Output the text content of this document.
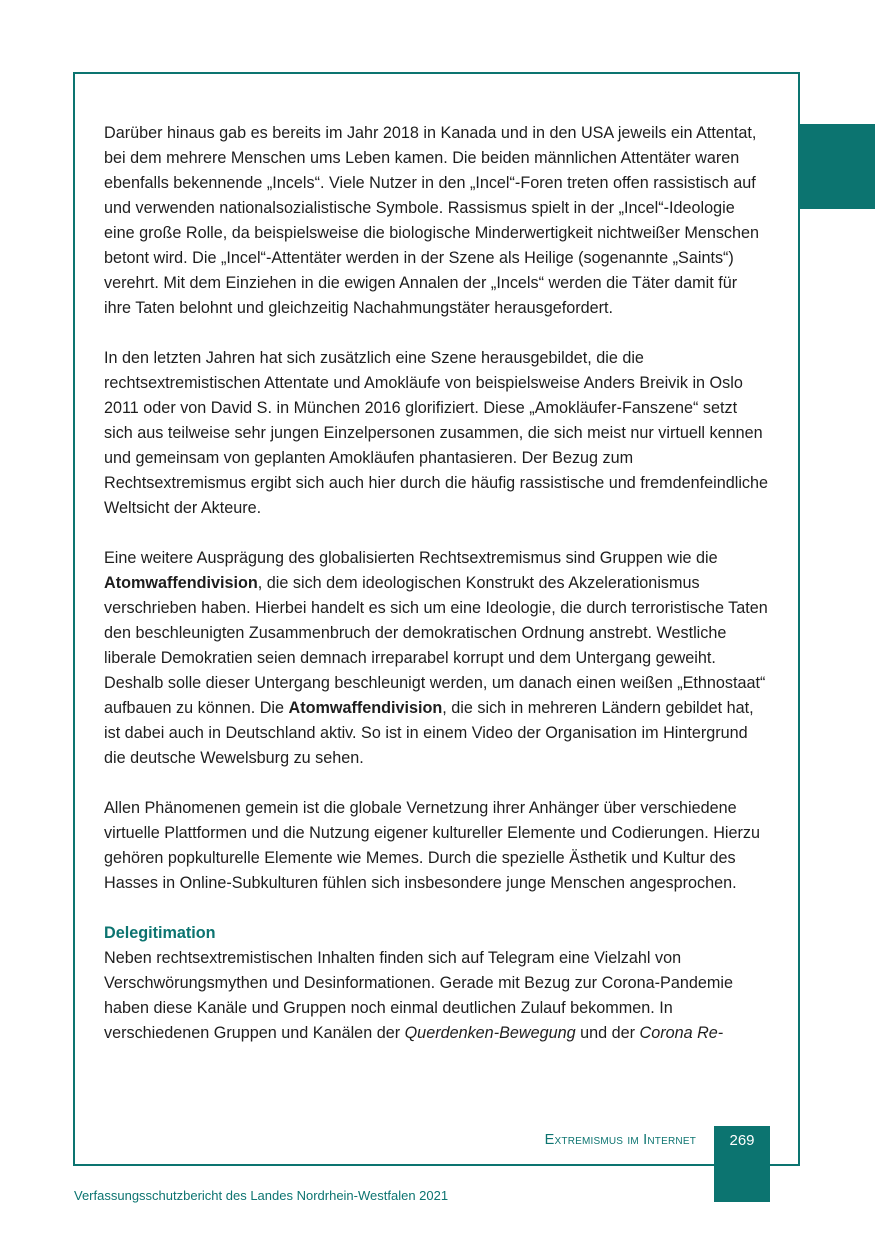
Darüber hinaus gab es bereits im Jahr 2018 in Kanada und in den USA jeweils ein Attentat, bei dem mehrere Menschen ums Leben kamen. Die beiden männlichen Attentäter waren ebenfalls bekennende „Incels“. Viele Nutzer in den „Incel“-Foren treten offen rassistisch auf und verwenden nationalsozialistische Symbole. Rassismus spielt in der „Incel“-Ideologie eine große Rolle, da beispielsweise die biologische Minderwertigkeit nichtweißer Menschen betont wird. Die „Incel“-Attentäter werden in der Szene als Heilige (sogenannte „Saints“) verehrt. Mit dem Einziehen in die ewigen Annalen der „Incels“ werden die Täter damit für ihre Taten belohnt und gleichzeitig Nachahmungstäter herausgefordert.

In den letzten Jahren hat sich zusätzlich eine Szene herausgebildet, die die rechtsextremistischen Attentate und Amokläufe von beispielsweise Anders Breivik in Oslo 2011 oder von David S. in München 2016 glorifiziert. Diese „Amokläufer-Fanszene“ setzt sich aus teilweise sehr jungen Einzelpersonen zusammen, die sich meist nur virtuell kennen und gemeinsam von geplanten Amokläufen phantasieren. Der Bezug zum Rechtsextremismus ergibt sich auch hier durch die häufig rassistische und fremdenfeindliche Weltsicht der Akteure.

Eine weitere Ausprägung des globalisierten Rechtsextremismus sind Gruppen wie die Atomwaffendivision, die sich dem ideologischen Konstrukt des Akzelerationismus verschrieben haben. Hierbei handelt es sich um eine Ideologie, die durch terroristische Taten den beschleunigten Zusammenbruch der demokratischen Ordnung anstrebt. Westliche liberale Demokratien seien demnach irreparabel korrupt und dem Untergang geweiht. Deshalb solle dieser Untergang beschleunigt werden, um danach einen weißen „Ethnostaat“ aufbauen zu können. Die Atomwaffendivision, die sich in mehreren Ländern gebildet hat, ist dabei auch in Deutschland aktiv. So ist in einem Video der Organisation im Hintergrund die deutsche Wewelsburg zu sehen.

Allen Phänomenen gemein ist die globale Vernetzung ihrer Anhänger über verschiedene virtuelle Plattformen und die Nutzung eigener kultureller Elemente und Codierungen. Hierzu gehören popkulturelle Elemente wie Memes. Durch die spezielle Ästhetik und Kultur des Hasses in Online-Subkulturen fühlen sich insbesondere junge Menschen angesprochen.

Delegitimation

Neben rechtsextremistischen Inhalten finden sich auf Telegram eine Vielzahl von Verschwörungsmythen und Desinformationen. Gerade mit Bezug zur Corona-Pandemie haben diese Kanäle und Gruppen noch einmal deutlichen Zulauf bekommen. In verschiedenen Gruppen und Kanälen der Querdenken-Bewegung und der Corona Re-

Extremismus im Internet	269
Verfassungsschutzbericht des Landes Nordrhein-Westfalen 2021
